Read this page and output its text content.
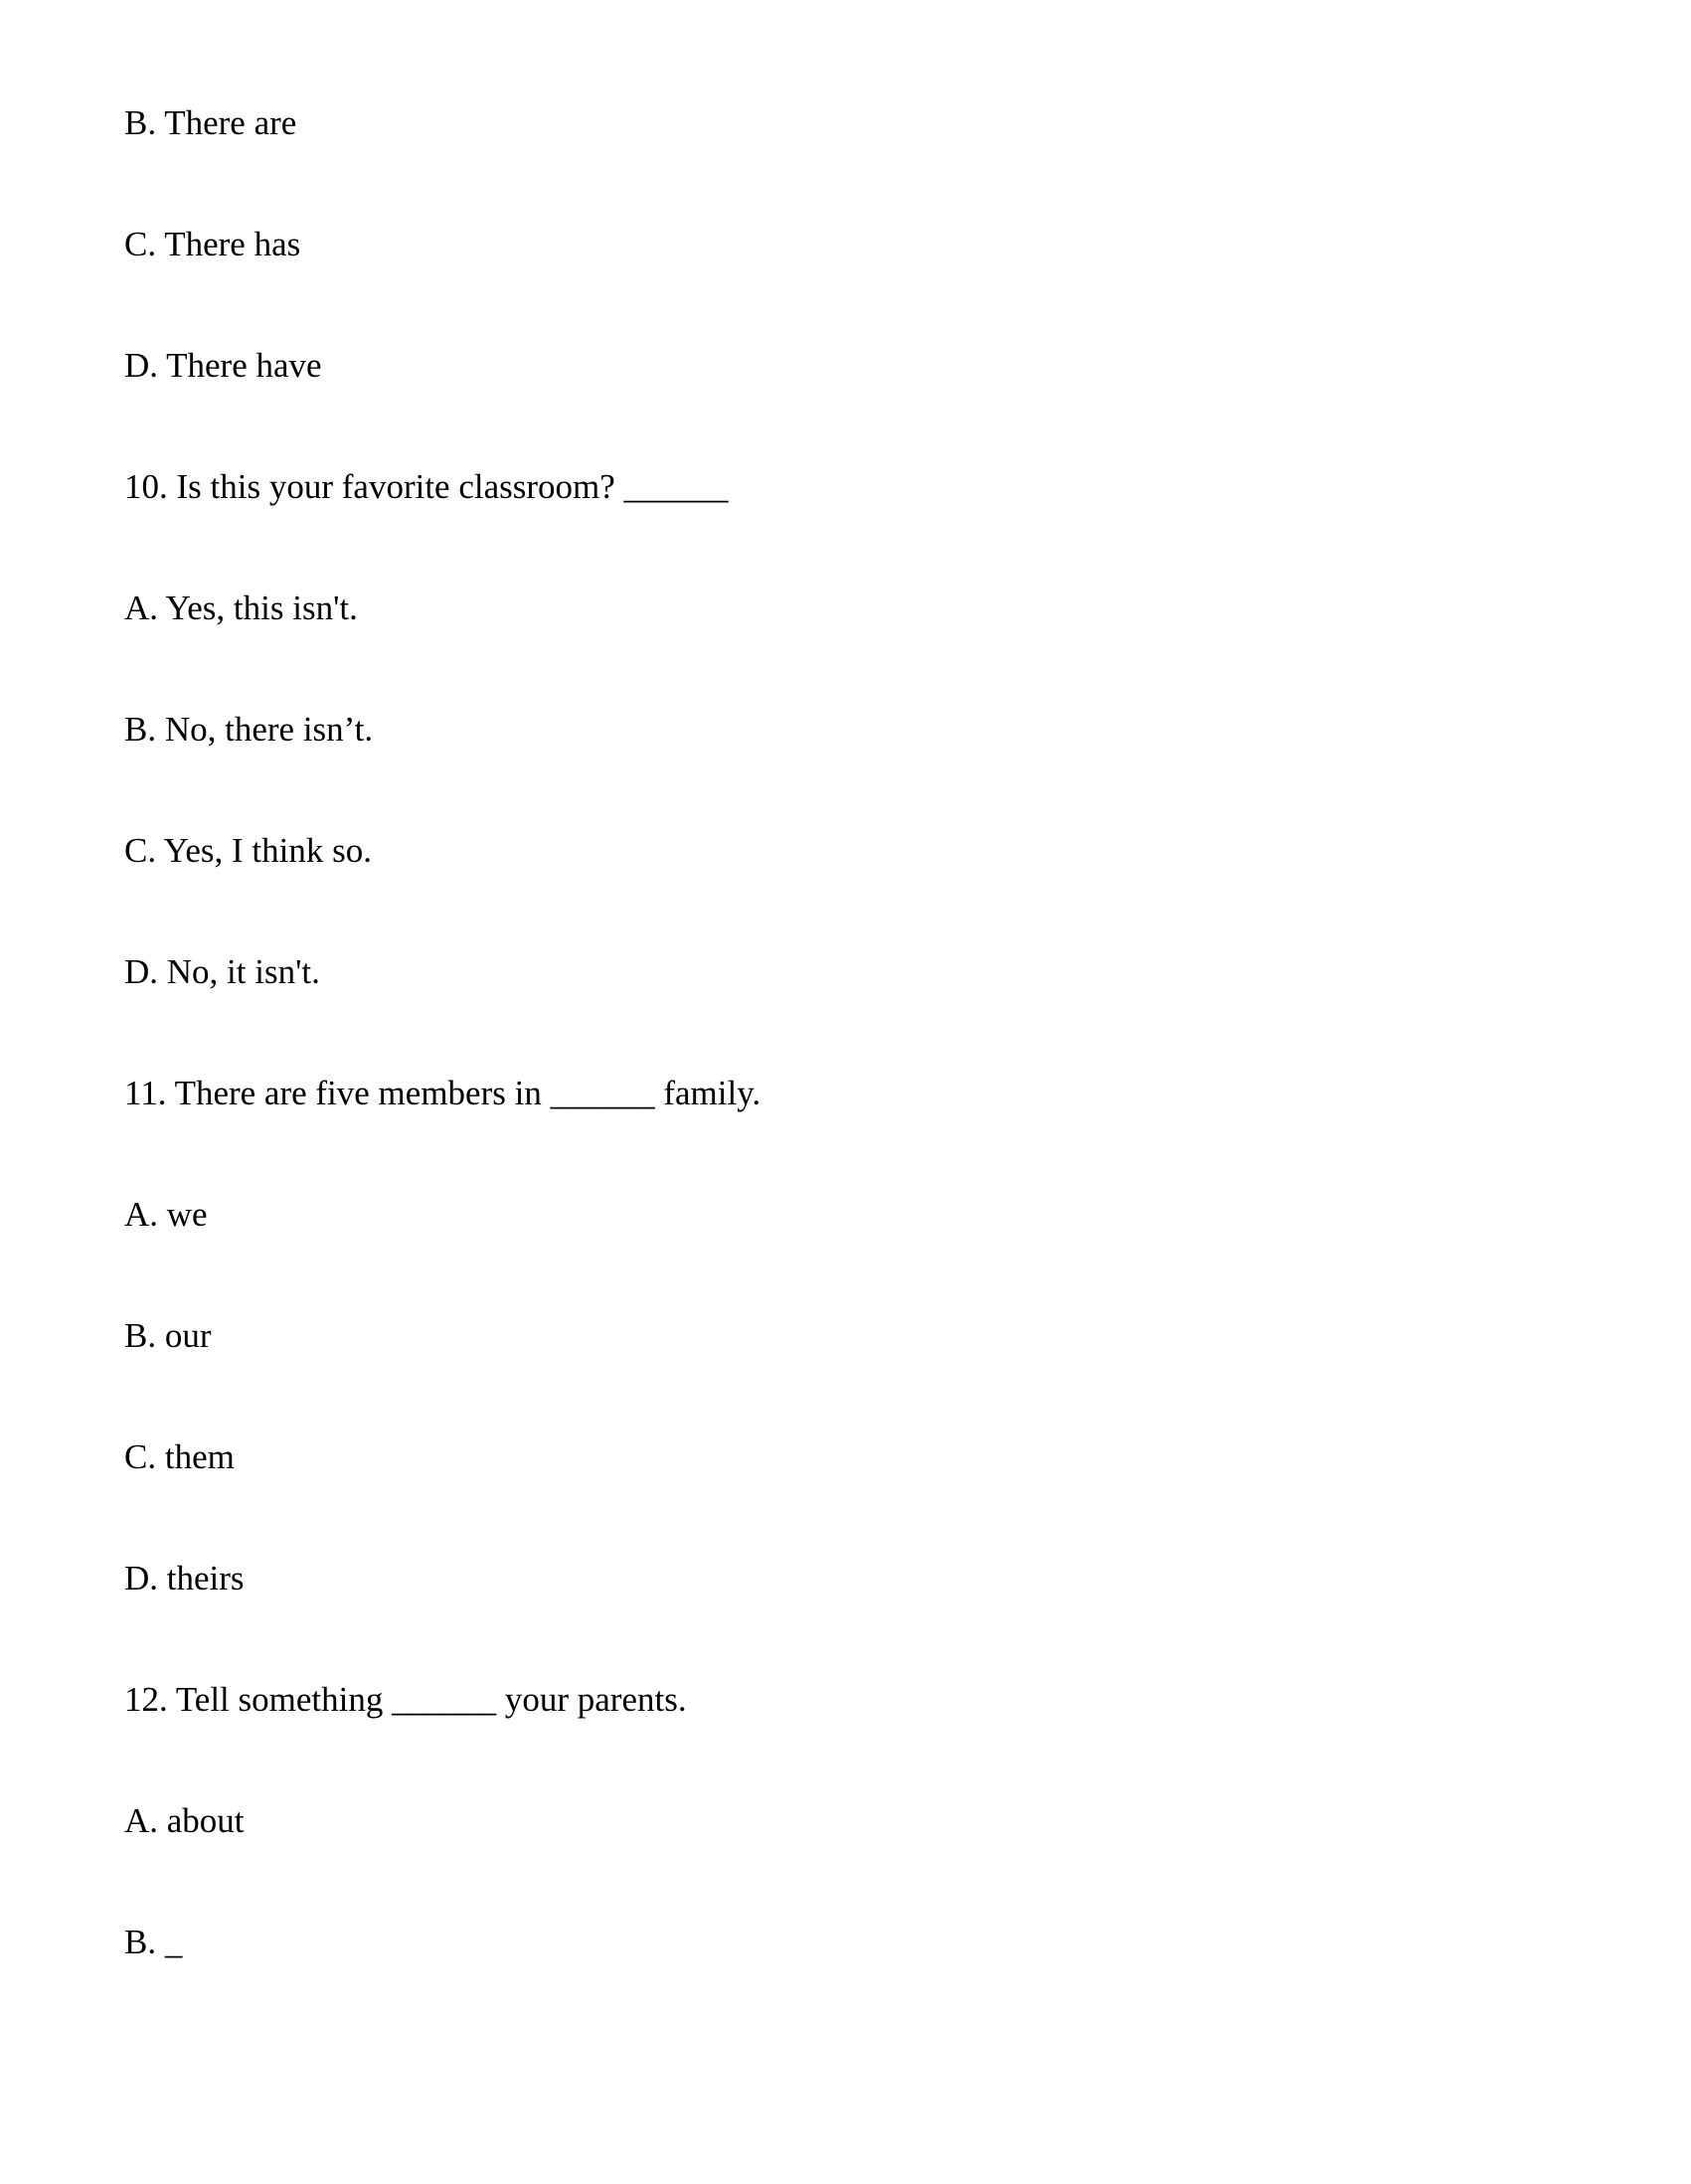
B. There are
C. There has
D. There have
10. Is this your favorite classroom? ______
A. Yes, this isn't.
B. No, there isn’t.
C. Yes, I think so.
D. No, it isn't.
11. There are five members in ______ family.
A. we
B. our
C. them
D. theirs
12. Tell something ______ your parents.
A. about
B. _
